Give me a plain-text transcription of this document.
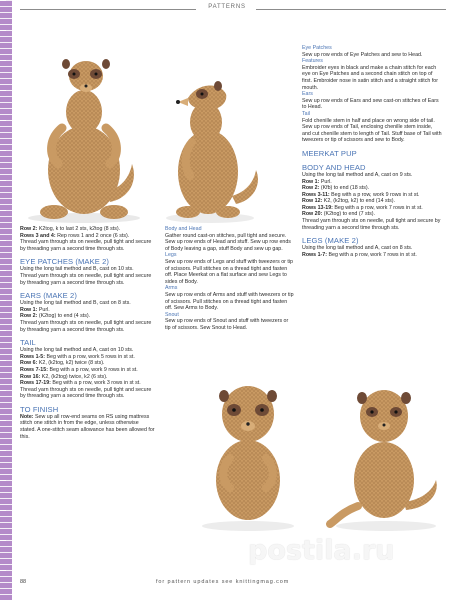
PATTERNS

Row 2: K2tog, k to last 2 sts, k2tog (8 sts).

Rows 3 and 4: Rep rows 1 and 2 once (6 sts).

Thread yarn through sts on needle, pull tight and secure by threading yarn a second time through sts.

EYE PATCHES (MAKE 2)

Using the long tail method and B, cast on 10 sts.

Thread yarn through sts on needle, pull tight and secure by threading yarn a second time through sts.

EARS (MAKE 2)

Using the long tail method and B, cast on 8 sts.

Row 1: Purl.

Row 2: (K2tog) to end (4 sts).

Thread yarn through sts on needle, pull tight and secure by threading yarn a second time through sts.

TAIL

Using the long tail method and A, cast on 10 sts.

Rows 1-5: Beg with a p row, work 5 rows in st st.

Row 6: K2, (k2tog, k2) twice (8 sts).

Rows 7-15: Beg with a p row, work 9 rows in st st.

Row 16: K2, (k2tog) twice, k2 (6 sts).

Rows 17-19: Beg with a p row, work 3 rows in st st.

Thread yarn through sts on needle, pull tight and secure by threading yarn a second time through sts.

TO FINISH

Note: Sew up all row-end seams on RS using mattress stitch one stitch in from the edge, unless otherwise stated. A one-stitch seam allowance has been allowed for this.

Body and Head

Gather round cast-on stitches, pull tight and secure. Sew up row ends of Head and stuff. Sew up row ends of Body leaving a gap, stuff Body and sew up gap.

Legs

Sew up row ends of Legs and stuff with tweezers or tip of scissors. Pull stitches on a thread tight and fasten off. Place Meerkat on a flat surface and sew Legs to sides of Body.

Arms

Sew up row ends of Arms and stuff with tweezers or tip of scissors. Pull stitches on a thread tight and fasten off. Sew Arms to Body.

Snout

Sew up row ends of Snout and stuff with tweezers or tip of scissors. Sew Snout to Head.

Eye Patches

Sew up row ends of Eye Patches and sew to Head.

Features

Embroider eyes in black and make a chain stitch for each eye on Eye Patches and a second chain stitch on top of first. Embroider nose in satin stitch and a straight stitch for mouth.

Ears

Sew up row ends of Ears and sew cast-on stitches of Ears to Head.

Tail

Fold chenille stem in half and place on wrong side of tail. Sew up row ends of Tail, enclosing chenille stem inside, and cut chenille stem to length of Tail. Stuff base of Tail with tweezers or tip of scissors and sew to Body.

MEERKAT PUP
BODY AND HEAD

Using the long tail method and A, cast on 9 sts.

Row 1: Purl.

Row 2: (Kfb) to end (18 sts).

Rows 3-11: Beg with a p row, work 9 rows in st st.

Row 12: K2, (k2tog, k2) to end (14 sts).

Rows 13-19: Beg with a p row, work 7 rows in st st.

Row 20: (K2tog) to end (7 sts).

Thread yarn through sts on needle, pull tight and secure by threading yarn a second time through sts.

LEGS (MAKE 2)

Using the long tail method and A, cast on 8 sts.

Rows 1-7: Beg with a p row, work 7 rows in st st.

postila.ru
88	for pattern updates see knittingmag.com
